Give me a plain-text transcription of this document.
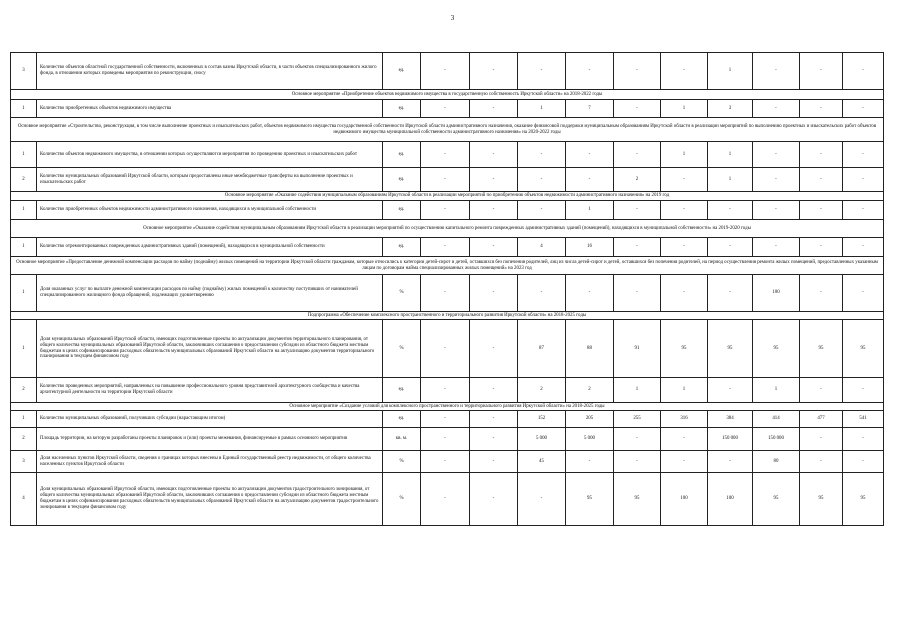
3
3	Количество объектов областной государственной собственности, включенных в состав казны Иркутской области, в части объектов специализированного жилого фонда, в отношении которых проведены мероприятия по реконструкции, сносу	ед.	-	-	-	-	-	-	1	-	-	-
Основное мероприятие «Приобретение объектов недвижимого имущества в государственную собственность Иркутской области» на 2018-2022 годы												
1	Количество приобретенных объектов недвижимого имущества	ед.	-	-	1	7	-	1	3	-	-	-
Основное мероприятие «Строительство, реконструкция, в том числе выполнение проектных и изыскательских работ, объектов недвижимого имущества государственной собственности Иркутской области административного назначения, оказание финансовой поддержки муниципальным образованиям Иркутской области в реализации мероприятий по выполнению проектных и изыскательских работ объектов недвижимого имущества муниципальной собственности административного назначения» на 2020-2022 годы												
1	Количество объектов недвижимого имущества, в отношении которых осуществляются мероприятия по проведению проектных и изыскательских работ	ед.	-	-	-	-	-	1	1	-	-	-
2	Количество муниципальных образований Иркутской области, которым предоставлены иные межбюджетные трансферты на выполнение проектных и изыскательских работ	ед.	-	-	-	-	2	-	1	-	-	-
Основное мероприятие «Оказание содействия муниципальным образованиям Иркутской области в реализации мероприятий по приобретению объектов недвижимости административного назначения» на 2019 год												
1	Количество приобретенных объектов недвижимости административного назначения, находящихся в муниципальной собственности	ед.	-	-	-	1	-	-	-	-	-	-
Основное мероприятие «Оказание содействия муниципальным образованиям Иркутской области в реализации мероприятий по осуществлению капитального ремонта поврежденных административных зданий (помещений), находящихся в муниципальной собственности» на 2019-2020 годы												
1	Количество отремонтированных поврежденных административных зданий (помещений), находящихся в муниципальной собственности	ед.	-	-	4	16	-	-	-	-	-	-
Основное мероприятие «Предоставление денежной компенсации расходов по найму (поднайму) жилых помещений на территории Иркутской области гражданам, которые относились к категории детей-сирот и детей, оставшихся без попечения родителей, лиц из числа детей-сирот и детей, оставшихся без попечения родителей, на период осуществления ремонта жилых помещений, предоставленных указанным лицам по договорам найма специализированных жилых помещений» на 2023 год												
1	Доля оказанных услуг по выплате денежной компенсации расходов по найму (поднайму) жилых помещений к количеству поступивших от нанимателей специализированного жилищного фонда обращений, подлежащих удовлетворению	%	-	-	-	-	-	-	-	100	-	-
Подпрограмма «Обеспечение комплексного пространственного и территориального развития Иркутской области» на 2018-2025 годы												
1	Доля муниципальных образований Иркутской области, имеющих подготовленные проекты по актуализации документов территориального планирования, от общего количества муниципальных образований Иркутской области, заключивших соглашения о предоставлении субсидии из областного бюджета местным бюджетам в целях софинансирования расходных обязательств муниципальных образований Иркутской области на актуализацию документов территориального планирования в текущем финансовом году	%	-	-	87	88	91	95	95	95	95	95
2	Количество проведенных мероприятий, направленных на повышение профессионального уровня представителей архитектурного сообщества и качества архитектурной деятельности на территории Иркутской области	ед.	-	-	2	2	1	1	-	1	-	-
Основное мероприятие «Создание условий для комплексного пространственного и территориального развития Иркутской области» на 2018-2025 годы												
1	Количество муниципальных образований, получивших субсидии (нарастающим итогом)	ед.	-	-	152	205	255	316	384	414	477	541
2	Площадь территории, на которую разработаны проекты планировок и (или) проекты межевания, финансируемые в рамках основного мероприятия	кв. м.	-	-	5 000	5 000	-	-	150 000	150 000	-	-
3	Доля населенных пунктов Иркутской области, сведения о границах которых внесены в Единый государственный реестр недвижимости, от общего количества населенных пунктов Иркутской области	%	-	-	45	-	-	-	-	80	-	-
4	Доля муниципальных образований Иркутской области, имеющих подготовленные проекты по актуализации документов градостроительного зонирования, от общего количества муниципальных образований Иркутской области, заключивших соглашения о предоставлении субсидии из областного бюджета местным бюджетам в целях софинансирования расходных обязательств муниципальных образований Иркутской области на актуализацию документов градостроительного зонирования в текущем финансовом году	%	-	-	-	95	95	100	100	95	95	95
